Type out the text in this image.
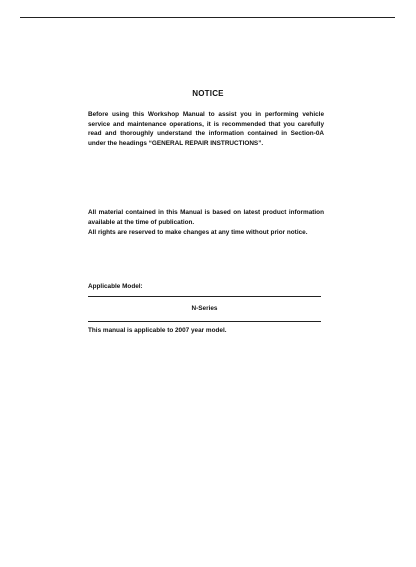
NOTICE

Before using this Workshop Manual to assist you in performing vehicle service and maintenance operations, it is recommended that you carefully read and thoroughly understand the information contained in Section-0A under the headings “GENERAL REPAIR INSTRUCTIONS”.

All material contained in this Manual is based on latest product information available at the time of publication.

All rights are reserved to make changes at any time without prior notice.

Applicable Model:
N-Series
This manual is applicable to 2007 year model.
